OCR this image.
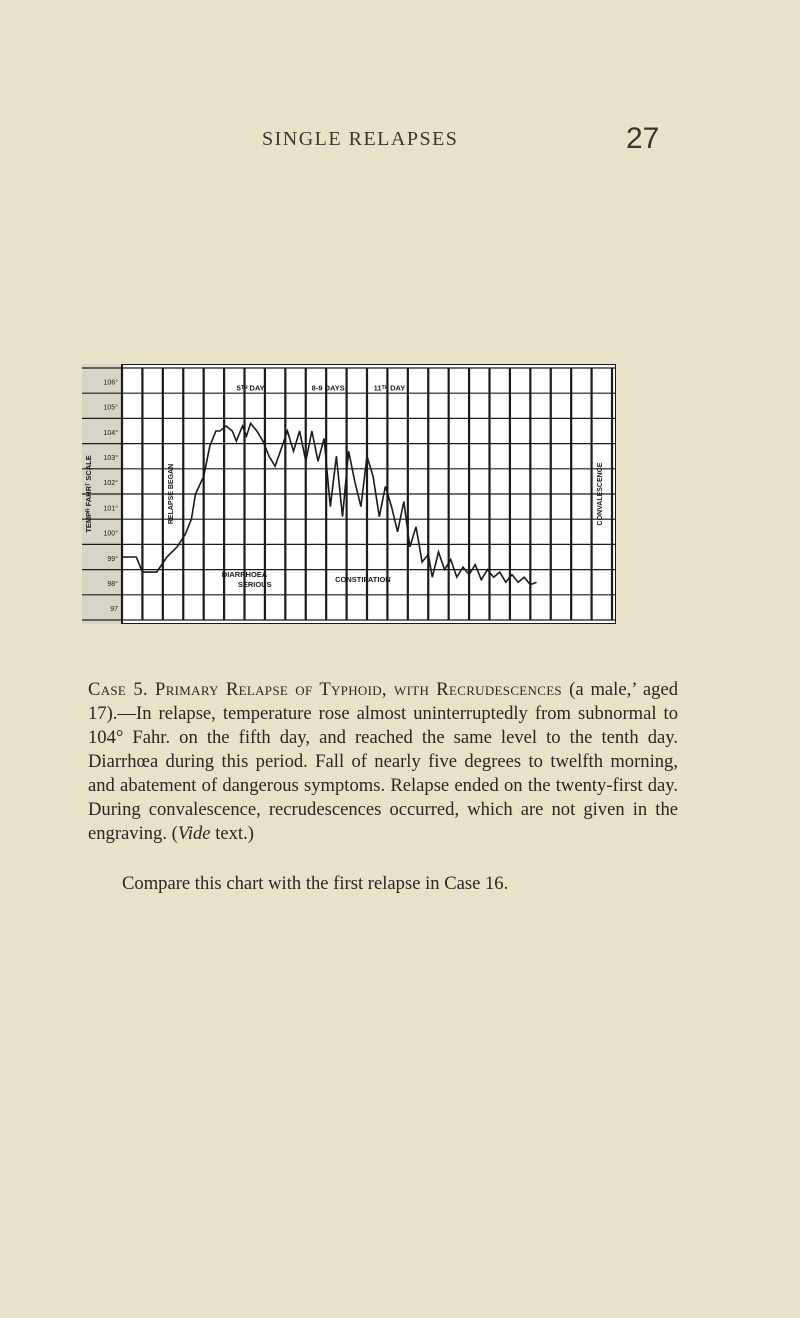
SINGLE RELAPSES	27
106°
105°
104°
103°
102°
101°
100°
99°
98°
97
TEMPᴿ FAHRᵀ SCALE
5ᵀᴴ DAY	8-9 DAYS	11ᵀᴴ DAY
RELAPSE BEGAN
DIARRHOEA
SERIOUS
CONSTIPATION
CONVALESCENCE

Case 5. Primary Relapse of Typhoid, with Recrudescences (a male,’ aged 17).—In relapse, temperature rose almost uninterruptedly from subnormal to 104° Fahr. on the fifth day, and reached the same level to the tenth day. Diarrhœa during this period. Fall of nearly five degrees to twelfth morning, and abatement of dangerous symptoms. Relapse ended on the twenty-first day. During convalescence, recrudescences occurred, which are not given in the engraving. (Vide text.)

Compare this chart with the first relapse in Case 16.
